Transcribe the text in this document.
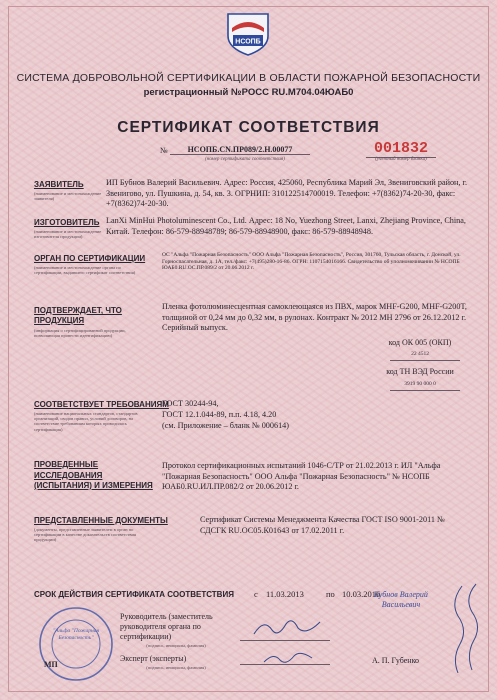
НСОПБ
СИСТЕМА ДОБРОВОЛЬНОЙ СЕРТИФИКАЦИИ В ОБЛАСТИ ПОЖАРНОЙ БЕЗОПАСНОСТИ
регистрационный №РОСС RU.M704.04ЮАБ0
СЕРТИФИКАТ СООТВЕТСТВИЯ
№	НСОПБ.CN.ПР089/2.Н.00077
(номер сертификата соответствия)
001832
(учетный номер бланка)
ЗАЯВИТЕЛЬ
(наименование и местонахождение заявителя)
ИП Бубнов Валерий Васильевич. Адрес: Россия, 425060, Республика Марий Эл, Звениговский район, г. Звенигово, ул. Пушкина, д. 54, кв. 3. ОГРНИП: 310122514700019. Телефон: +7(8362)74-20-30, факс: +7(8362)74-20-30.
ИЗГОТОВИТЕЛЬ
(наименование и местонахождение изготовителя продукции)
LanXi MinHui Photoluminescent Co., Ltd. Адрес: 18 No, Yuezhong Street, Lanxi, Zhejiang Province, China, Китай. Телефон: 86-579-88948789; 86-579-88948900, факс: 86-579-88948948.
ОРГАН ПО СЕРТИФИКАЦИИ
(наименование и местонахождение органа по сертификации, выдавшего сертификат соответствия)
ОС "Альфа "Пожарная Безопасность" ООО Альфа "Пожарная Безопасность", Россия, 301760, Тульская область, г. Донской, ул. Горноспасательная, д. 1А, тел./факс: +7(495)280-16-86. ОГРН: 1107154016166. Свидетельство об уполномочивании № НСОПБ ЮАБ0.RU.ОС.ПР.089/2 от 20.06.2012 г.
ПОДТВЕРЖДАЕТ, ЧТО ПРОДУКЦИЯ
(информация о сертифицированной продукции, позволяющая провести идентификацию)
Пленка фотолюминесцентная самоклеющаяся из ПВХ, марок MHF-G200, MHF-G200T, толщиной от 0,24 мм до 0,32 мм, в рулонах. Контракт № 2012 МН 2796 от 26.12.2012 г. Серийный выпуск.
код ОК 005 (ОКП)
22 4512
код ТН ВЭД России
3919 90 000 0
СООТВЕТСТВУЕТ ТРЕБОВАНИЯМ
(наименование национальных стандартов, стандартов организаций, сводов правил, условий договоров, на соответствие требованиям которых проводилась сертификация)
ГОСТ 30244-94,
ГОСТ 12.1.044-89, п.п. 4.18, 4.20
(см. Приложение – бланк № 000614)
ПРОВЕДЕННЫЕ ИССЛЕДОВАНИЯ (ИСПЫТАНИЯ) И ИЗМЕРЕНИЯ
Протокол сертификационных испытаний 1046-С/ТР от 21.02.2013 г. ИЛ "Альфа "Пожарная Безопасность" ООО Альфа "Пожарная Безопасность" № НСОПБ ЮАБ0.RU.ИЛ.ПР.082/2 от 20.06.2012 г.
ПРЕДСТАВЛЕННЫЕ ДОКУМЕНТЫ
(документы, представленные заявителем в орган по сертификации в качестве доказательств соответствия продукции)
Сертификат Системы Менеджмента Качества ГОСТ ISO 9001-2011 № СДСГК RU.ОС05.К01643 от 17.02.2011 г.
СРОК ДЕЙСТВИЯ СЕРТИФИКАТА СООТВЕТСТВИЯ с 11.03.2013	по 10.03.2016
Руководитель (заместитель руководителя органа по сертификации)
(подпись, инициалы, фамилия)
Бубнов Валерий Васильевич
Эксперт (эксперты)
(подпись, инициалы, фамилия)
А. П. Губенко
"Альфа "Пожарная Безопасность"
МП
